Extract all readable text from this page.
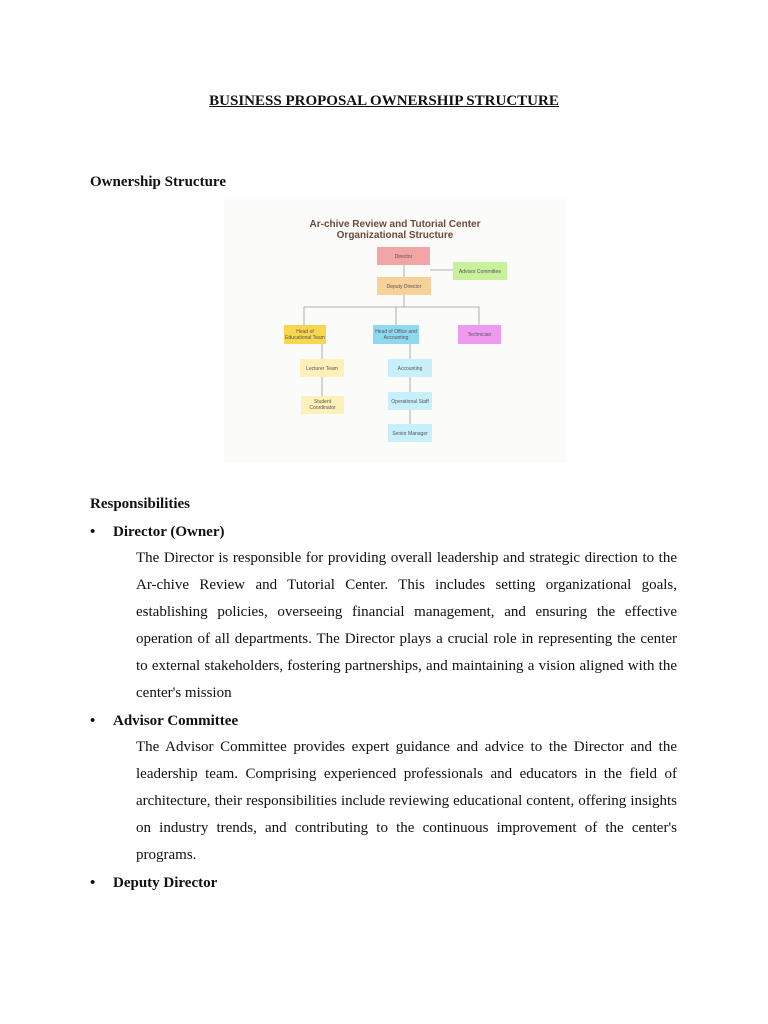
BUSINESS PROPOSAL OWNERSHIP STRUCTURE
Ownership Structure
Ar-chive Review and Tutorial Center
Organizational Structure
Director
Advisor Committee
Deputy Director
Head of
Educational Team
Head of Office and
Accounting	Technician
Lecturer Team
Student
Coordinator
Accounting
Operational Staff
Senior Manager
Responsibilities
• Director (Owner)
The Director is responsible for providing overall leadership and strategic direction to the Ar-chive Review and Tutorial Center. This includes setting organizational goals, establishing policies, overseeing financial management, and ensuring the effective operation of all departments. The Director plays a crucial role in representing the center to external stakeholders, fostering partnerships, and maintaining a vision aligned with the center's mission
• Advisor Committee
The Advisor Committee provides expert guidance and advice to the Director and the leadership team. Comprising experienced professionals and educators in the field of architecture, their responsibilities include reviewing educational content, offering insights on industry trends, and contributing to the continuous improvement of the center's programs.
• Deputy Director
